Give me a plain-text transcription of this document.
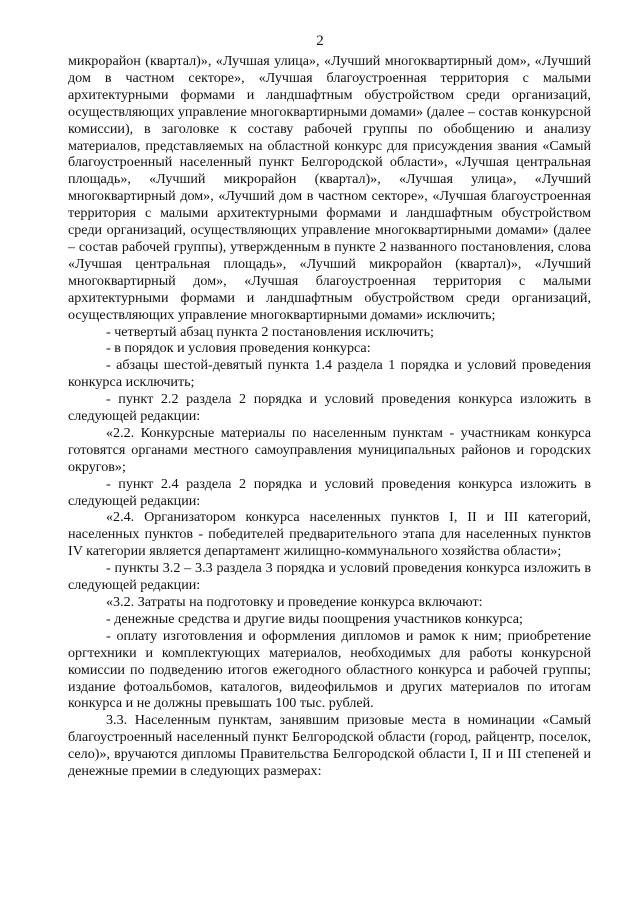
2

микрорайон (квартал)», «Лучшая улица», «Лучший многоквартирный дом», «Лучший дом в частном секторе», «Лучшая благоустроенная территория с малыми архитектурными формами и ландшафтным обустройством среди организаций, осуществляющих управление многоквартирными домами» (далее – состав конкурсной комиссии), в заголовке к составу рабочей группы по обобщению и анализу материалов, представляемых на областной конкурс для присуждения звания «Самый благоустроенный населенный пункт Белгородской области», «Лучшая центральная площадь», «Лучший микрорайон (квартал)», «Лучшая улица», «Лучший многоквартирный дом», «Лучший дом в частном секторе», «Лучшая благоустроенная территория с малыми архитектурными формами и ландшафтным обустройством среди организаций, осуществляющих управление многоквартирными домами» (далее – состав рабочей группы), утвержденным в пункте 2 названного постановления, слова «Лучшая центральная площадь», «Лучший микрорайон (квартал)», «Лучший многоквартирный дом», «Лучшая благоустроенная территория с малыми архитектурными формами и ландшафтным обустройством среди организаций, осуществляющих управление многоквартирными домами» исключить;

- четвертый абзац пункта 2 постановления исключить;

- в порядок и условия проведения конкурса:

- абзацы шестой-девятый пункта 1.4 раздела 1 порядка и условий проведения конкурса исключить;

- пункт 2.2 раздела 2 порядка и условий проведения конкурса изложить в следующей редакции:

«2.2. Конкурсные материалы по населенным пунктам - участникам конкурса готовятся органами местного самоуправления муниципальных районов и городских округов»;

- пункт 2.4 раздела 2 порядка и условий проведения конкурса изложить в следующей редакции:

«2.4. Организатором конкурса населенных пунктов I, II и III категорий, населенных пунктов - победителей предварительного этапа для населенных пунктов IV категории является департамент жилищно-коммунального хозяйства области»;

- пункты 3.2 – 3.3 раздела 3 порядка и условий проведения конкурса изложить в следующей редакции:

«3.2. Затраты на подготовку и проведение конкурса включают:

- денежные средства и другие виды поощрения участников конкурса;

- оплату изготовления и оформления дипломов и рамок к ним; приобретение оргтехники и комплектующих материалов, необходимых для работы конкурсной комиссии по подведению итогов ежегодного областного конкурса и рабочей группы; издание фотоальбомов, каталогов, видеофильмов и других материалов по итогам конкурса и не должны превышать 100 тыс. рублей.

3.3. Населенным пунктам, занявшим призовые места в номинации «Самый благоустроенный населенный пункт Белгородской области (город, райцентр, поселок, село)», вручаются дипломы Правительства Белгородской области I, II и III степеней и денежные премии в следующих размерах:
